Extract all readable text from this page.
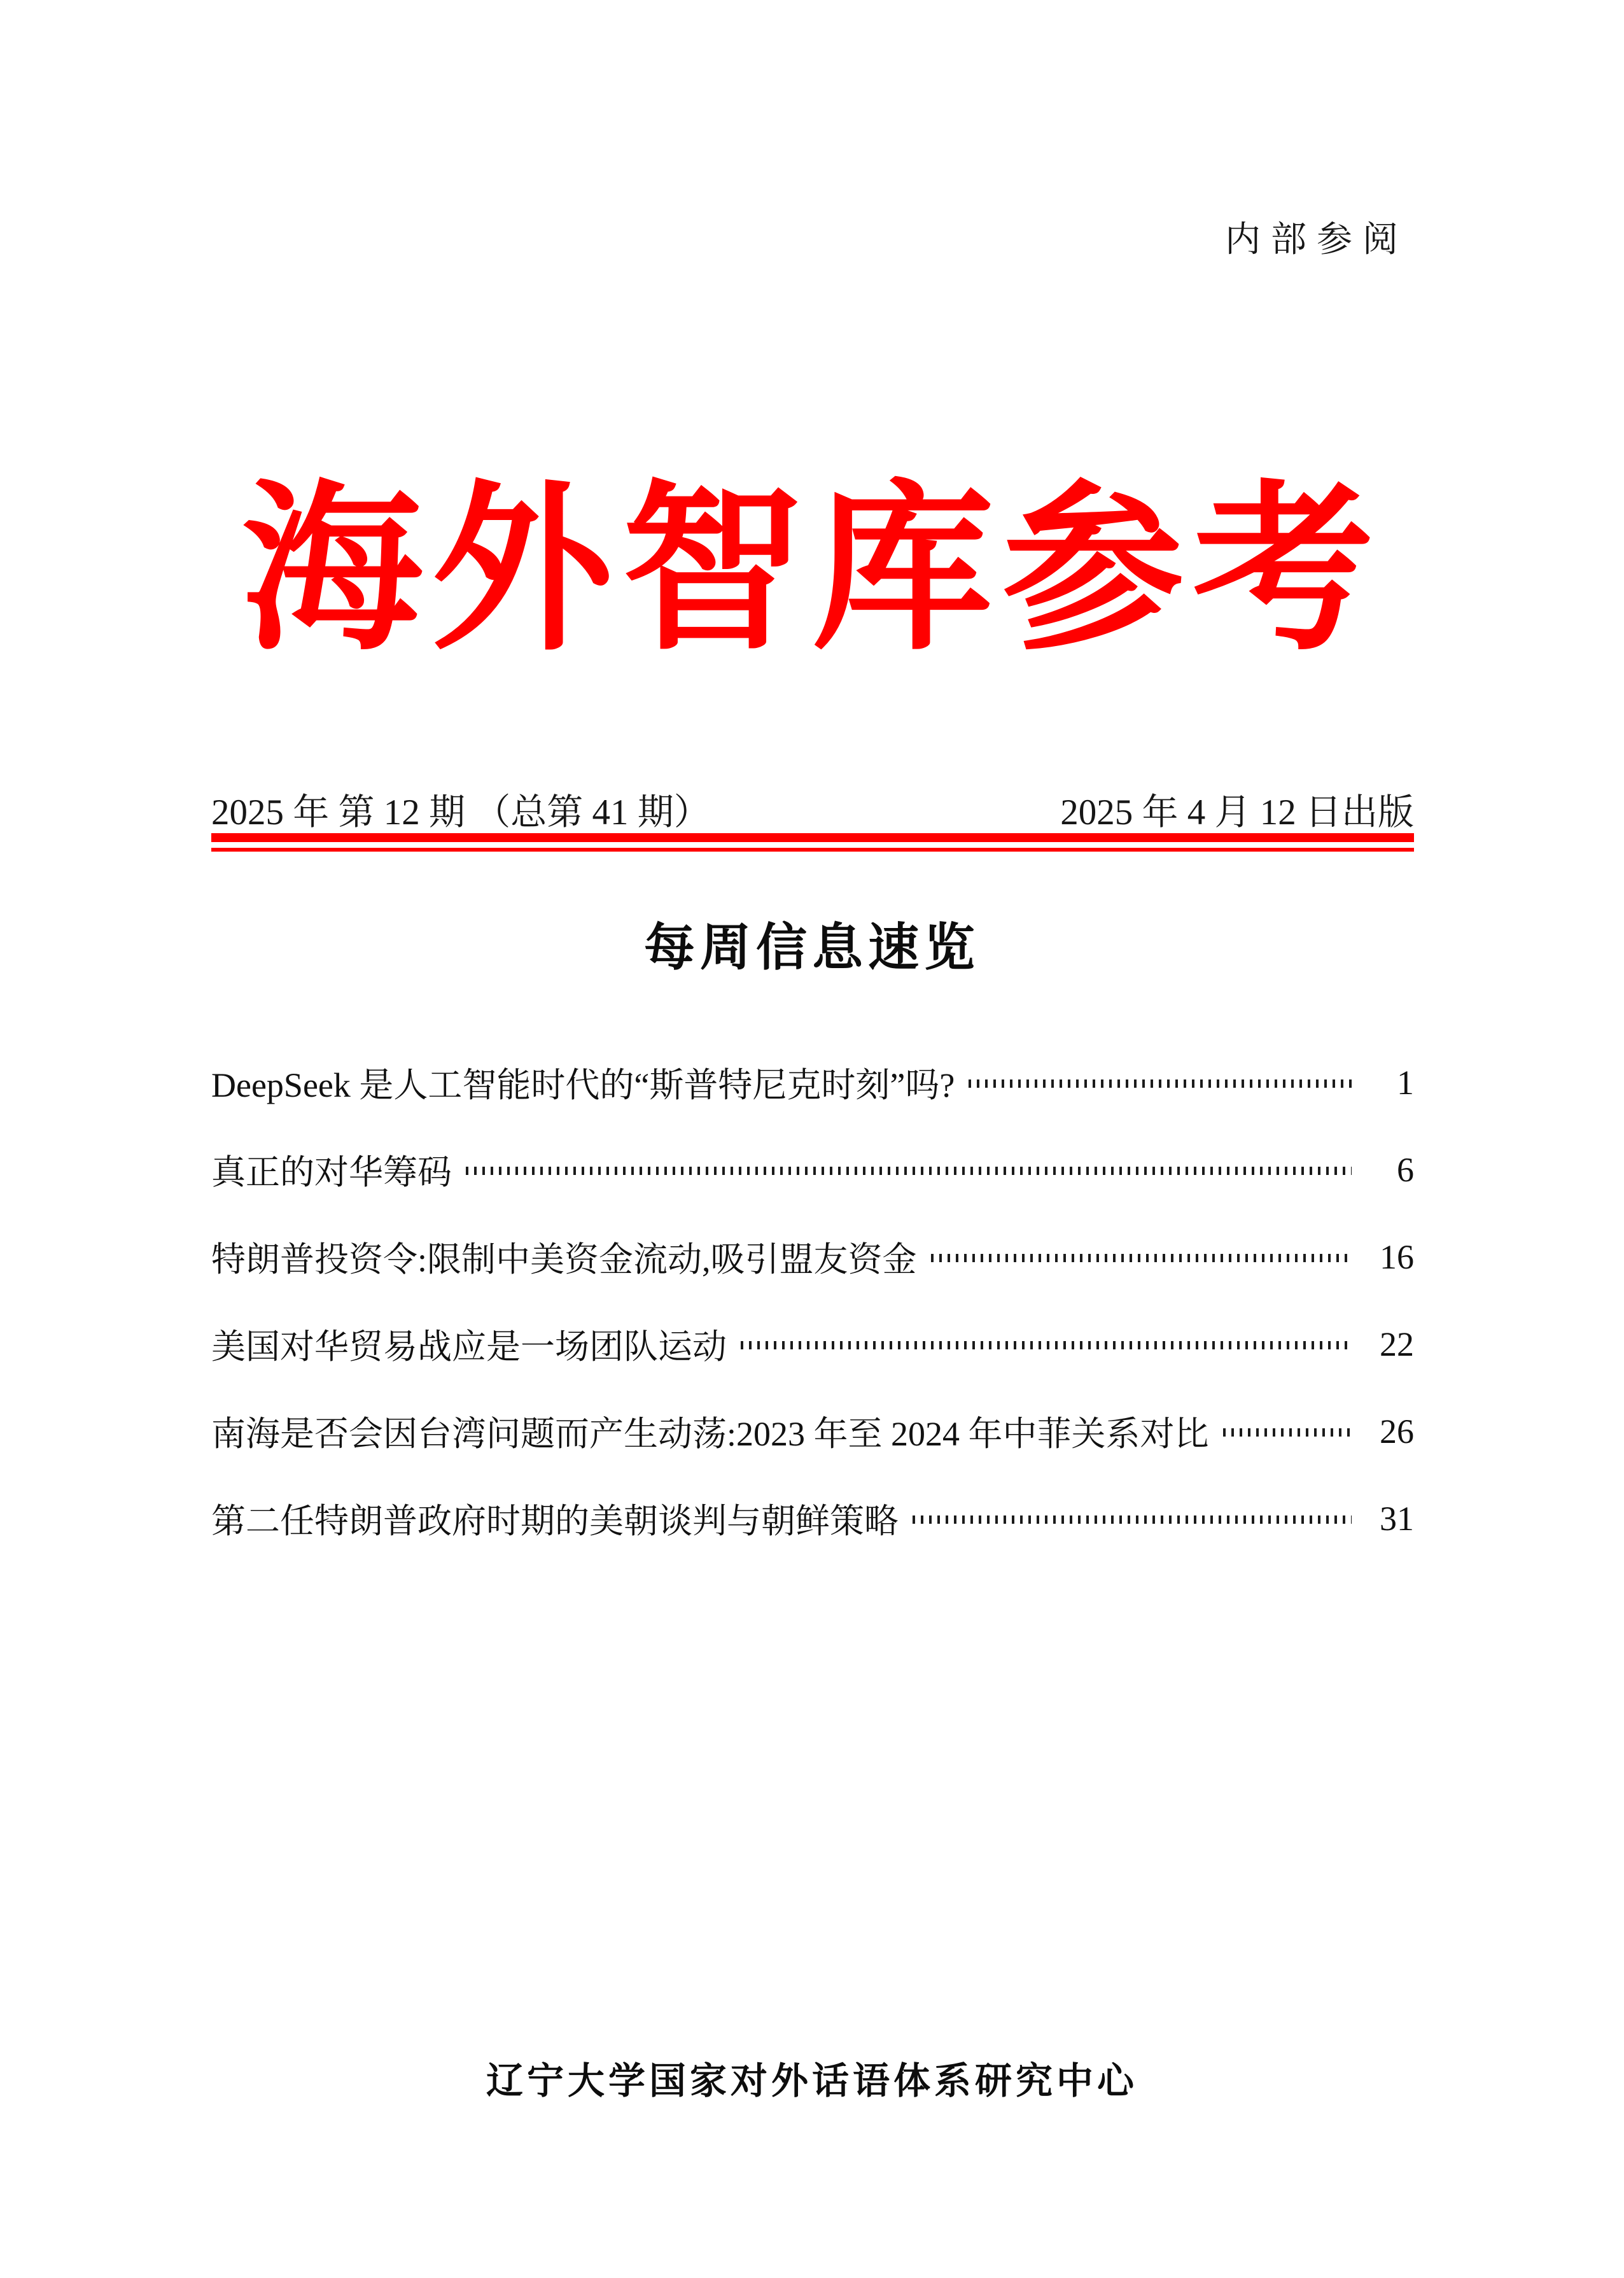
内部参阅
海外智库参考
2025 年 第 12 期 （总第 41 期）	2025 年 4 月 12 日出版
每周信息速览
DeepSeek 是人工智能时代的“斯普特尼克时刻”吗?	1
真正的对华筹码	6
特朗普投资令:限制中美资金流动,吸引盟友资金	16
美国对华贸易战应是一场团队运动	22
南海是否会因台湾问题而产生动荡:2023 年至 2024 年中菲关系对比	26
第二任特朗普政府时期的美朝谈判与朝鲜策略	31
辽宁大学国家对外话语体系研究中心
